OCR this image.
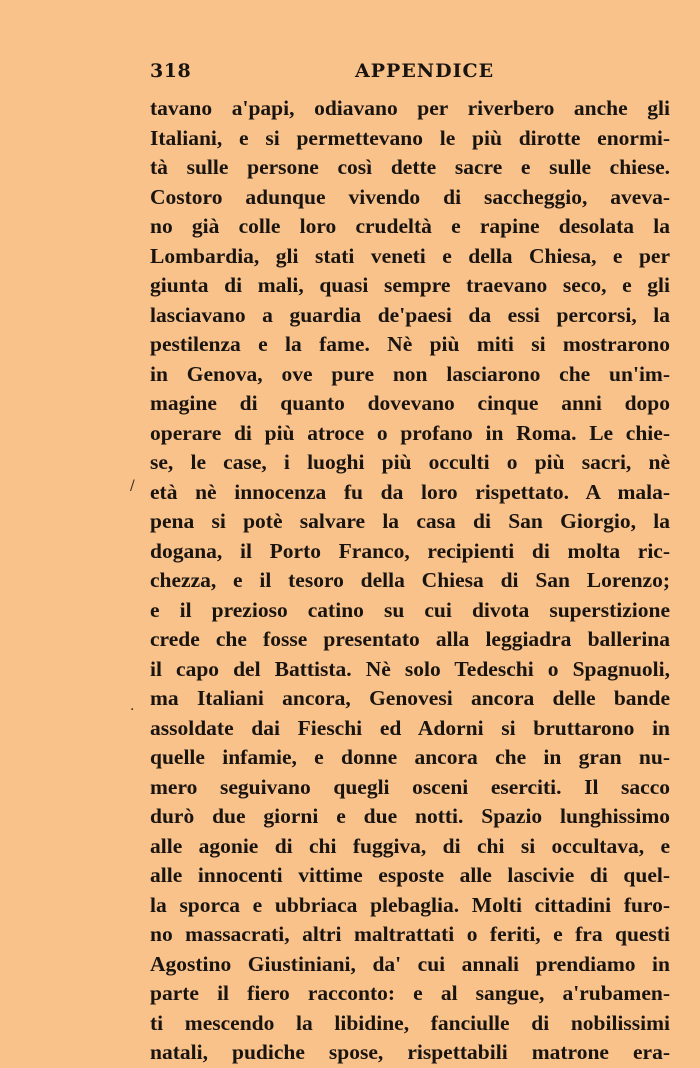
318	APPENDICE
tavano a'papi, odiavano per riverbero anche gli
Italiani, e si permettevano le più dirotte enormi-
tà sulle persone così dette sacre e sulle chiese.
Costoro adunque vivendo di saccheggio, aveva-
no già colle loro crudeltà e rapine desolata la
Lombardia, gli stati veneti e della Chiesa, e per
giunta di mali, quasi sempre traevano seco, e gli
lasciavano a guardia de'paesi da essi percorsi, la
pestilenza e la fame. Nè più miti si mostrarono
in Genova, ove pure non lasciarono che un'im-
magine di quanto dovevano cinque anni dopo
operare di più atroce o profano in Roma. Le chie-
se, le case, i luoghi più occulti o più sacri, nè
età nè innocenza fu da loro rispettato. A mala-
pena si potè salvare la casa di San Giorgio, la
dogana, il Porto Franco, recipienti di molta ric-
chezza, e il tesoro della Chiesa di San Lorenzo;
e il prezioso catino su cui divota superstizione
crede che fosse presentato alla leggiadra ballerina
il capo del Battista. Nè solo Tedeschi o Spagnuoli,
ma Italiani ancora, Genovesi ancora delle bande
assoldate dai Fieschi ed Adorni si bruttarono in
quelle infamie, e donne ancora che in gran nu-
mero seguivano quegli osceni eserciti. Il sacco
durò due giorni e due notti. Spazio lunghissimo
alle agonie di chi fuggiva, di chi si occultava, e
alle innocenti vittime esposte alle lascivie di quel-
la sporca e ubbriaca plebaglia. Molti cittadini furo-
no massacrati, altri maltrattati o feriti, e fra questi
Agostino Giustiniani, da' cui annali prendiamo in
parte il fiero racconto: e al sangue, a'rubamen-
ti mescendo la libidine, fanciulle di nobilissimi
natali, pudiche spose, rispettabili matrone era-
/
·
